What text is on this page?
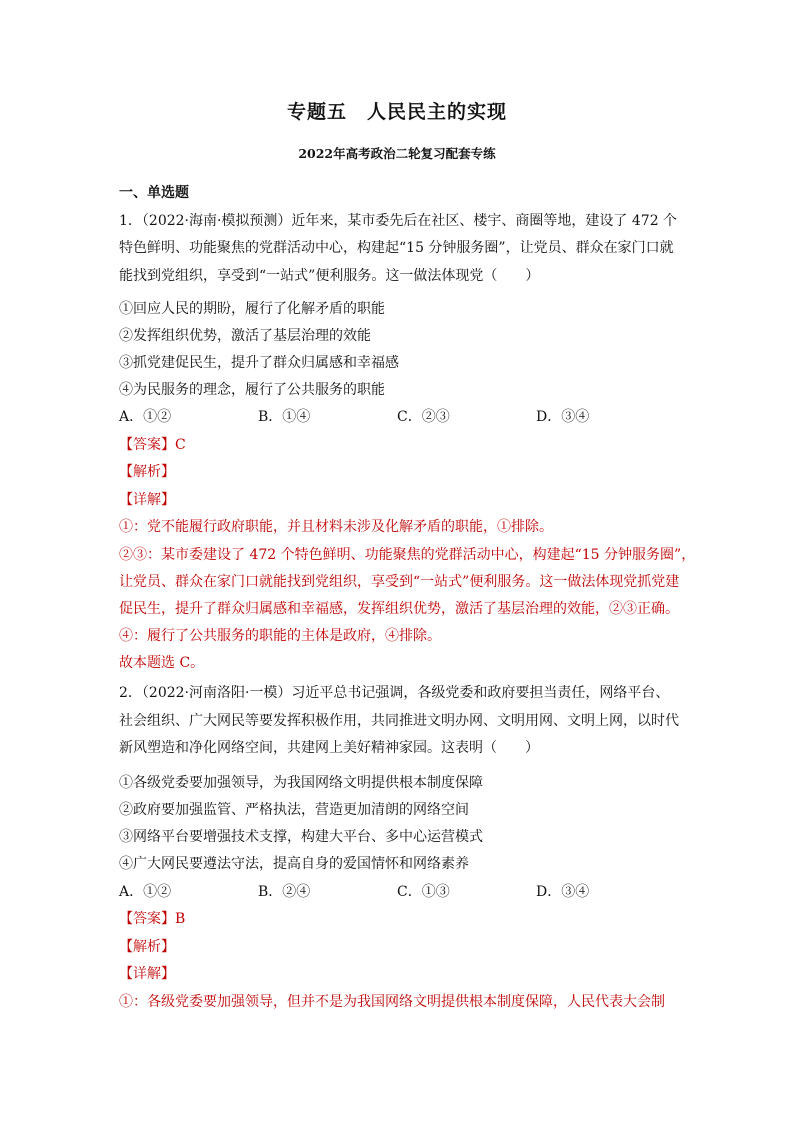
专题五　人民民主的实现
2022年高考政治二轮复习配套专练
一、单选题
1．（2022·海南·模拟预测）近年来，某市委先后在社区、楼宇、商圈等地，建设了 472 个
特色鲜明、功能聚焦的党群活动中心，构建起“15 分钟服务圈”，让党员、群众在家门口就
能找到党组织，享受到“一站式”便利服务。这一做法体现党（　　）
①回应人民的期盼，履行了化解矛盾的职能
②发挥组织优势，激活了基层治理的效能
③抓党建促民生，提升了群众归属感和幸福感
④为民服务的理念，履行了公共服务的职能
A．①②	B．①④	C．②③	D．③④
【答案】C
【解析】
【详解】
①：党不能履行政府职能，并且材料未涉及化解矛盾的职能，①排除。
②③：某市委建设了 472 个特色鲜明、功能聚焦的党群活动中心，构建起“15 分钟服务圈”，
让党员、群众在家门口就能找到党组织，享受到“一站式”便利服务。这一做法体现党抓党建
促民生，提升了群众归属感和幸福感，发挥组织优势，激活了基层治理的效能，②③正确。
④：履行了公共服务的职能的主体是政府，④排除。
故本题选 C。
2．（2022·河南洛阳·一模）习近平总书记强调，各级党委和政府要担当责任，网络平台、
社会组织、广大网民等要发挥积极作用，共同推进文明办网、文明用网、文明上网，以时代
新风塑造和净化网络空间，共建网上美好精神家园。这表明（　　）
①各级党委要加强领导，为我国网络文明提供根本制度保障
②政府要加强监管、严格执法，营造更加清朗的网络空间
③网络平台要增强技术支撑，构建大平台、多中心运营模式
④广大网民要遵法守法，提高自身的爱国情怀和网络素养
A．①②	B．②④	C．①③	D．③④
【答案】B
【解析】
【详解】
①：各级党委要加强领导，但并不是为我国网络文明提供根本制度保障，人民代表大会制
